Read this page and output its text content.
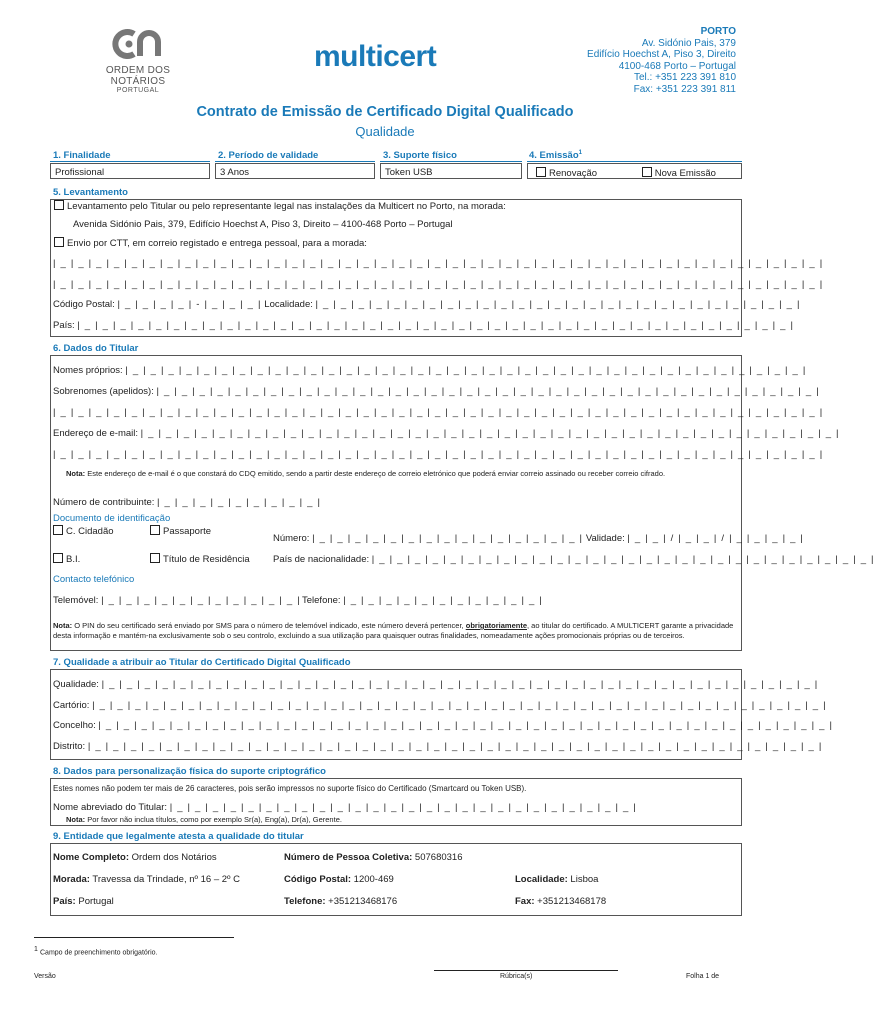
ORDEM DOS NOTÁRIOS
PORTUGAL
multicert
PORTO
Av. Sidónio Pais, 379
Edifício Hoechst A, Piso 3, Direito
4100-468 Porto – Portugal
Tel.: +351 223 391 810
Fax: +351 223 391 811
Contrato de Emissão de Certificado Digital Qualificado
Qualidade
1. Finalidade	2. Período de validade	3. Suporte físico	4. Emissão$^1$
Profissional	3 Anos	Token USB	Renovação	Nova Emissão
5. Levantamento
Levantamento pelo Titular ou pelo representante legal nas instalações da Multicert no Porto, na morada:
Avenida Sidónio Pais, 379, Edifício Hoechst A, Piso 3, Direito – 4100-468 Porto – Portugal
Envio por CTT, em correio registado e entrega pessoal, para a morada:
| _ | _ | _ | _ | _ | _ | _ | _ | _ | _ | _ | _ | _ | _ | _ | _ | _ | _ | _ | _ | _ | _ | _ | _ | _ | _ | _ | _ | _ | _ | _ | _ | _ | _ | _ | _ | _ | _ | _ | _ | _ | _ | _ |
| _ | _ | _ | _ | _ | _ | _ | _ | _ | _ | _ | _ | _ | _ | _ | _ | _ | _ | _ | _ | _ | _ | _ | _ | _ | _ | _ | _ | _ | _ | _ | _ | _ | _ | _ | _ | _ | _ | _ | _ | _ | _ | _ |
Código Postal: | _ | _ | _ | _ | - | _ | _ | _ | Localidade: | _ | _ | _ | _ | _ | _ | _ | _ | _ | _ | _ | _ | _ | _ | _ | _ | _ | _ | _ | _ | _ | _ | _ | _ | _ | _ | _ |
País: | _ | _ | _ | _ | _ | _ | _ | _ | _ | _ | _ | _ | _ | _ | _ | _ | _ | _ | _ | _ | _ | _ | _ | _ | _ | _ | _ | _ | _ | _ | _ | _ | _ | _ | _ | _ | _ | _ | _ | _ |
6. Dados do Titular
Nomes próprios: | _ | _ | _ | _ | _ | _ | _ | _ | _ | _ | _ | _ | _ | _ | _ | _ | _ | _ | _ | _ | _ | _ | _ | _ | _ | _ | _ | _ | _ | _ | _ | _ | _ | _ | _ | _ | _ | _ |
Sobrenomes (apelidos): | _ | _ | _ | _ | _ | _ | _ | _ | _ | _ | _ | _ | _ | _ | _ | _ | _ | _ | _ | _ | _ | _ | _ | _ | _ | _ | _ | _ | _ | _ | _ | _ | _ | _ | _ | _ | _ |
| _ | _ | _ | _ | _ | _ | _ | _ | _ | _ | _ | _ | _ | _ | _ | _ | _ | _ | _ | _ | _ | _ | _ | _ | _ | _ | _ | _ | _ | _ | _ | _ | _ | _ | _ | _ | _ | _ | _ | _ | _ | _ | _ |
Endereço de e-mail: | _ | _ | _ | _ | _ | _ | _ | _ | _ | _ | _ | _ | _ | _ | _ | _ | _ | _ | _ | _ | _ | _ | _ | _ | _ | _ | _ | _ | _ | _ | _ | _ | _ | _ | _ | _ | _ | _ | _ |
| _ | _ | _ | _ | _ | _ | _ | _ | _ | _ | _ | _ | _ | _ | _ | _ | _ | _ | _ | _ | _ | _ | _ | _ | _ | _ | _ | _ | _ | _ | _ | _ | _ | _ | _ | _ | _ | _ | _ | _ | _ | _ | _ |
Nota: Este endereço de e-mail é o que constará do CDQ emitido, sendo a partir deste endereço de correio eletrónico que poderá enviar correio assinado ou receber correio cifrado.
Número de contribuinte: | _ | _ | _ | _ | _ | _ | _ | _ | _ |
Documento de identificação
C. Cidadão	Passaporte
Número: | _ | _ | _ | _ | _ | _ | _ | _ | _ | _ | _ | _ | _ | _ | _ | Validade: | _ | _ | / | _ | _ | / | _ | _ | _ | _ |
B.I.	Título de Residência País de nacionalidade: | _ | _ | _ | _ | _ | _ | _ | _ | _ | _ | _ | _ | _ | _ | _ | _ | _ | _ | _ | _ | _ | _ | _ | _ | _ | _ | _ | _ |
Contacto telefónico
Telemóvel: | _ | _ | _ | _ | _ | _ | _ | _ | _ | _ | _ | Telefone: | _ | _ | _ | _ | _ | _ | _ | _ | _ | _ | _ |
Nota: O PIN do seu certificado será enviado por SMS para o número de telemóvel indicado, este número deverá pertencer, obrigatoriamente, ao titular do certificado. A MULTICERT garante a privacidade desta informação e mantém-na exclusivamente sob o seu controlo, excluindo a sua utilização para quaisquer outras finalidades, nomeadamente ações promocionais próprias ou de terceiros.
7. Qualidade a atribuir ao Titular do Certificado Digital Qualificado
Qualidade: | _ | _ | _ | _ | _ | _ | _ | _ | _ | _ | _ | _ | _ | _ | _ | _ | _ | _ | _ | _ | _ | _ | _ | _ | _ | _ | _ | _ | _ | _ | _ | _ | _ | _ | _ | _ | _ | _ | _ | _ |
Cartório: | _ | _ | _ | _ | _ | _ | _ | _ | _ | _ | _ | _ | _ | _ | _ | _ | _ | _ | _ | _ | _ | _ | _ | _ | _ | _ | _ | _ | _ | _ | _ | _ | _ | _ | _ | _ | _ | _ | _ | _ | _ |
Concelho: | _ | _ | _ | _ | _ | _ | _ | _ | _ | _ | _ | _ | _ | _ | _ | _ | _ | _ | _ | _ | _ | _ | _ | _ | _ | _ | _ | _ | _ | _ | _ | _ | _ | _ | _ | _ | _ | _ | _ | _ | _ |
Distrito: | _ | _ | _ | _ | _ | _ | _ | _ | _ | _ | _ | _ | _ | _ | _ | _ | _ | _ | _ | _ | _ | _ | _ | _ | _ | _ | _ | _ | _ | _ | _ | _ | _ | _ | _ | _ | _ | _ | _ | _ | _ |
8. Dados para personalização física do suporte criptográfico
Estes nomes não podem ter mais de 26 caracteres, pois serão impressos no suporte físico do Certificado (Smartcard ou Token USB).
Nome abreviado do Titular: | _ | _ | _ | _ | _ | _ | _ | _ | _ | _ | _ | _ | _ | _ | _ | _ | _ | _ | _ | _ | _ | _ | _ | _ | _ | _ |
Nota: Por favor não inclua títulos, como por exemplo Sr(a), Eng(a), Dr(a), Gerente.
9. Entidade que legalmente atesta a qualidade do titular
Nome Completo: Ordem dos Notários	Número de Pessoa Coletiva: 507680316
Morada: Travessa da Trindade, nº 16 – 2º C	Código Postal: 1200-469	Localidade: Lisboa
País: Portugal	Telefone: +351213468176	Fax: +351213468178
$^1$ Campo de preenchimento obrigatório.
Versão	Rúbrica(s)	Folha 1 de
